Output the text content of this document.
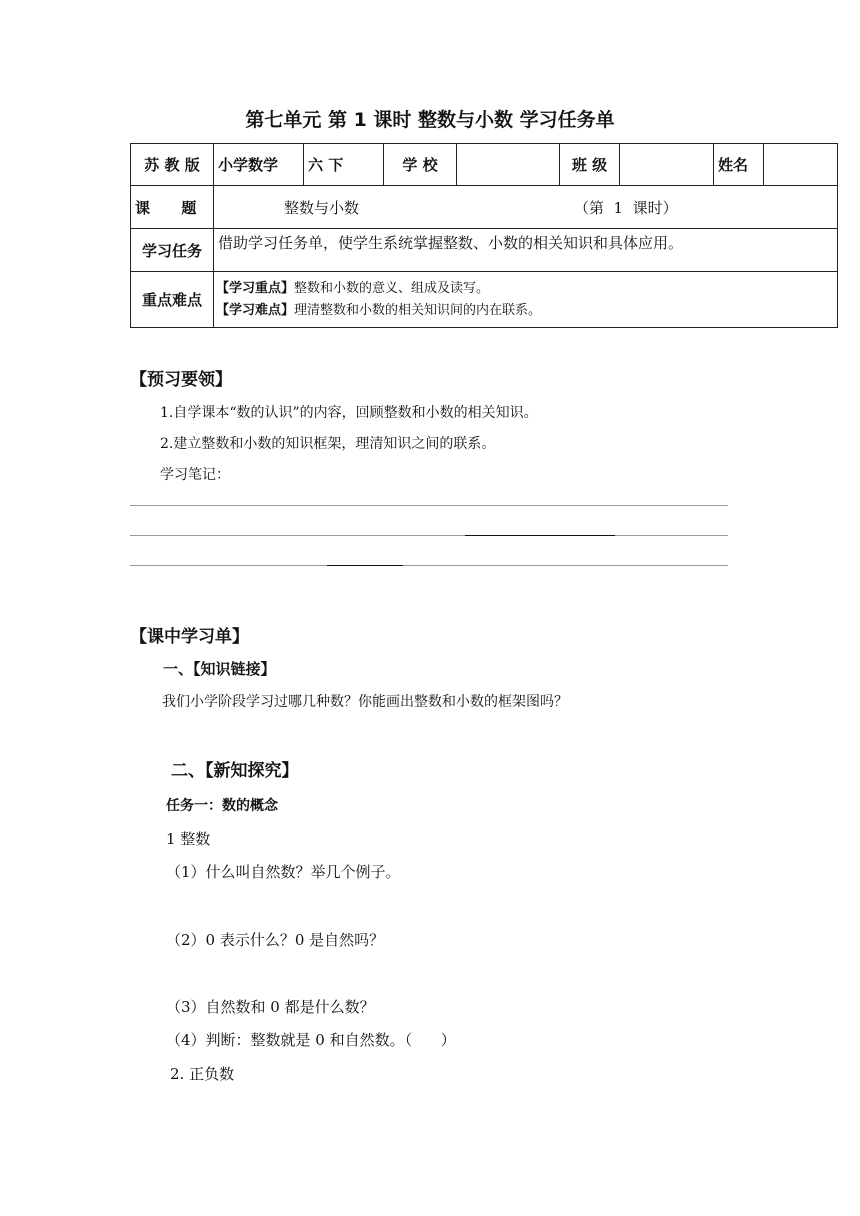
第七单元 第 1 课时 整数与小数 学习任务单
苏 教 版	小学数学	六 下	学 校		班 级		姓名	
课      题	整数与小数 （第  1  课时）							
学习任务	借助学习任务单，使学生系统掌握整数、小数的相关知识和具体应用。							
重点难点	【学习重点】整数和小数的意义、组成及读写。
【学习难点】理清整数和小数的相关知识间的内在联系。							
【预习要领】
1.自学课本“数的认识”的内容，回顾整数和小数的相关知识。
2.建立整数和小数的知识框架，理清知识之间的联系。
学习笔记：
【课中学习单】
一、【知识链接】
我们小学阶段学习过哪几种数？你能画出整数和小数的框架图吗？
二、【新知探究】
任务一：数的概念
1 整数
（1）什么叫自然数？举几个例子。
（2）0 表示什么？0 是自然吗？
（3）自然数和 0 都是什么数？
（4）判断：整数就是 0 和自然数。（      ）
2. 正负数
